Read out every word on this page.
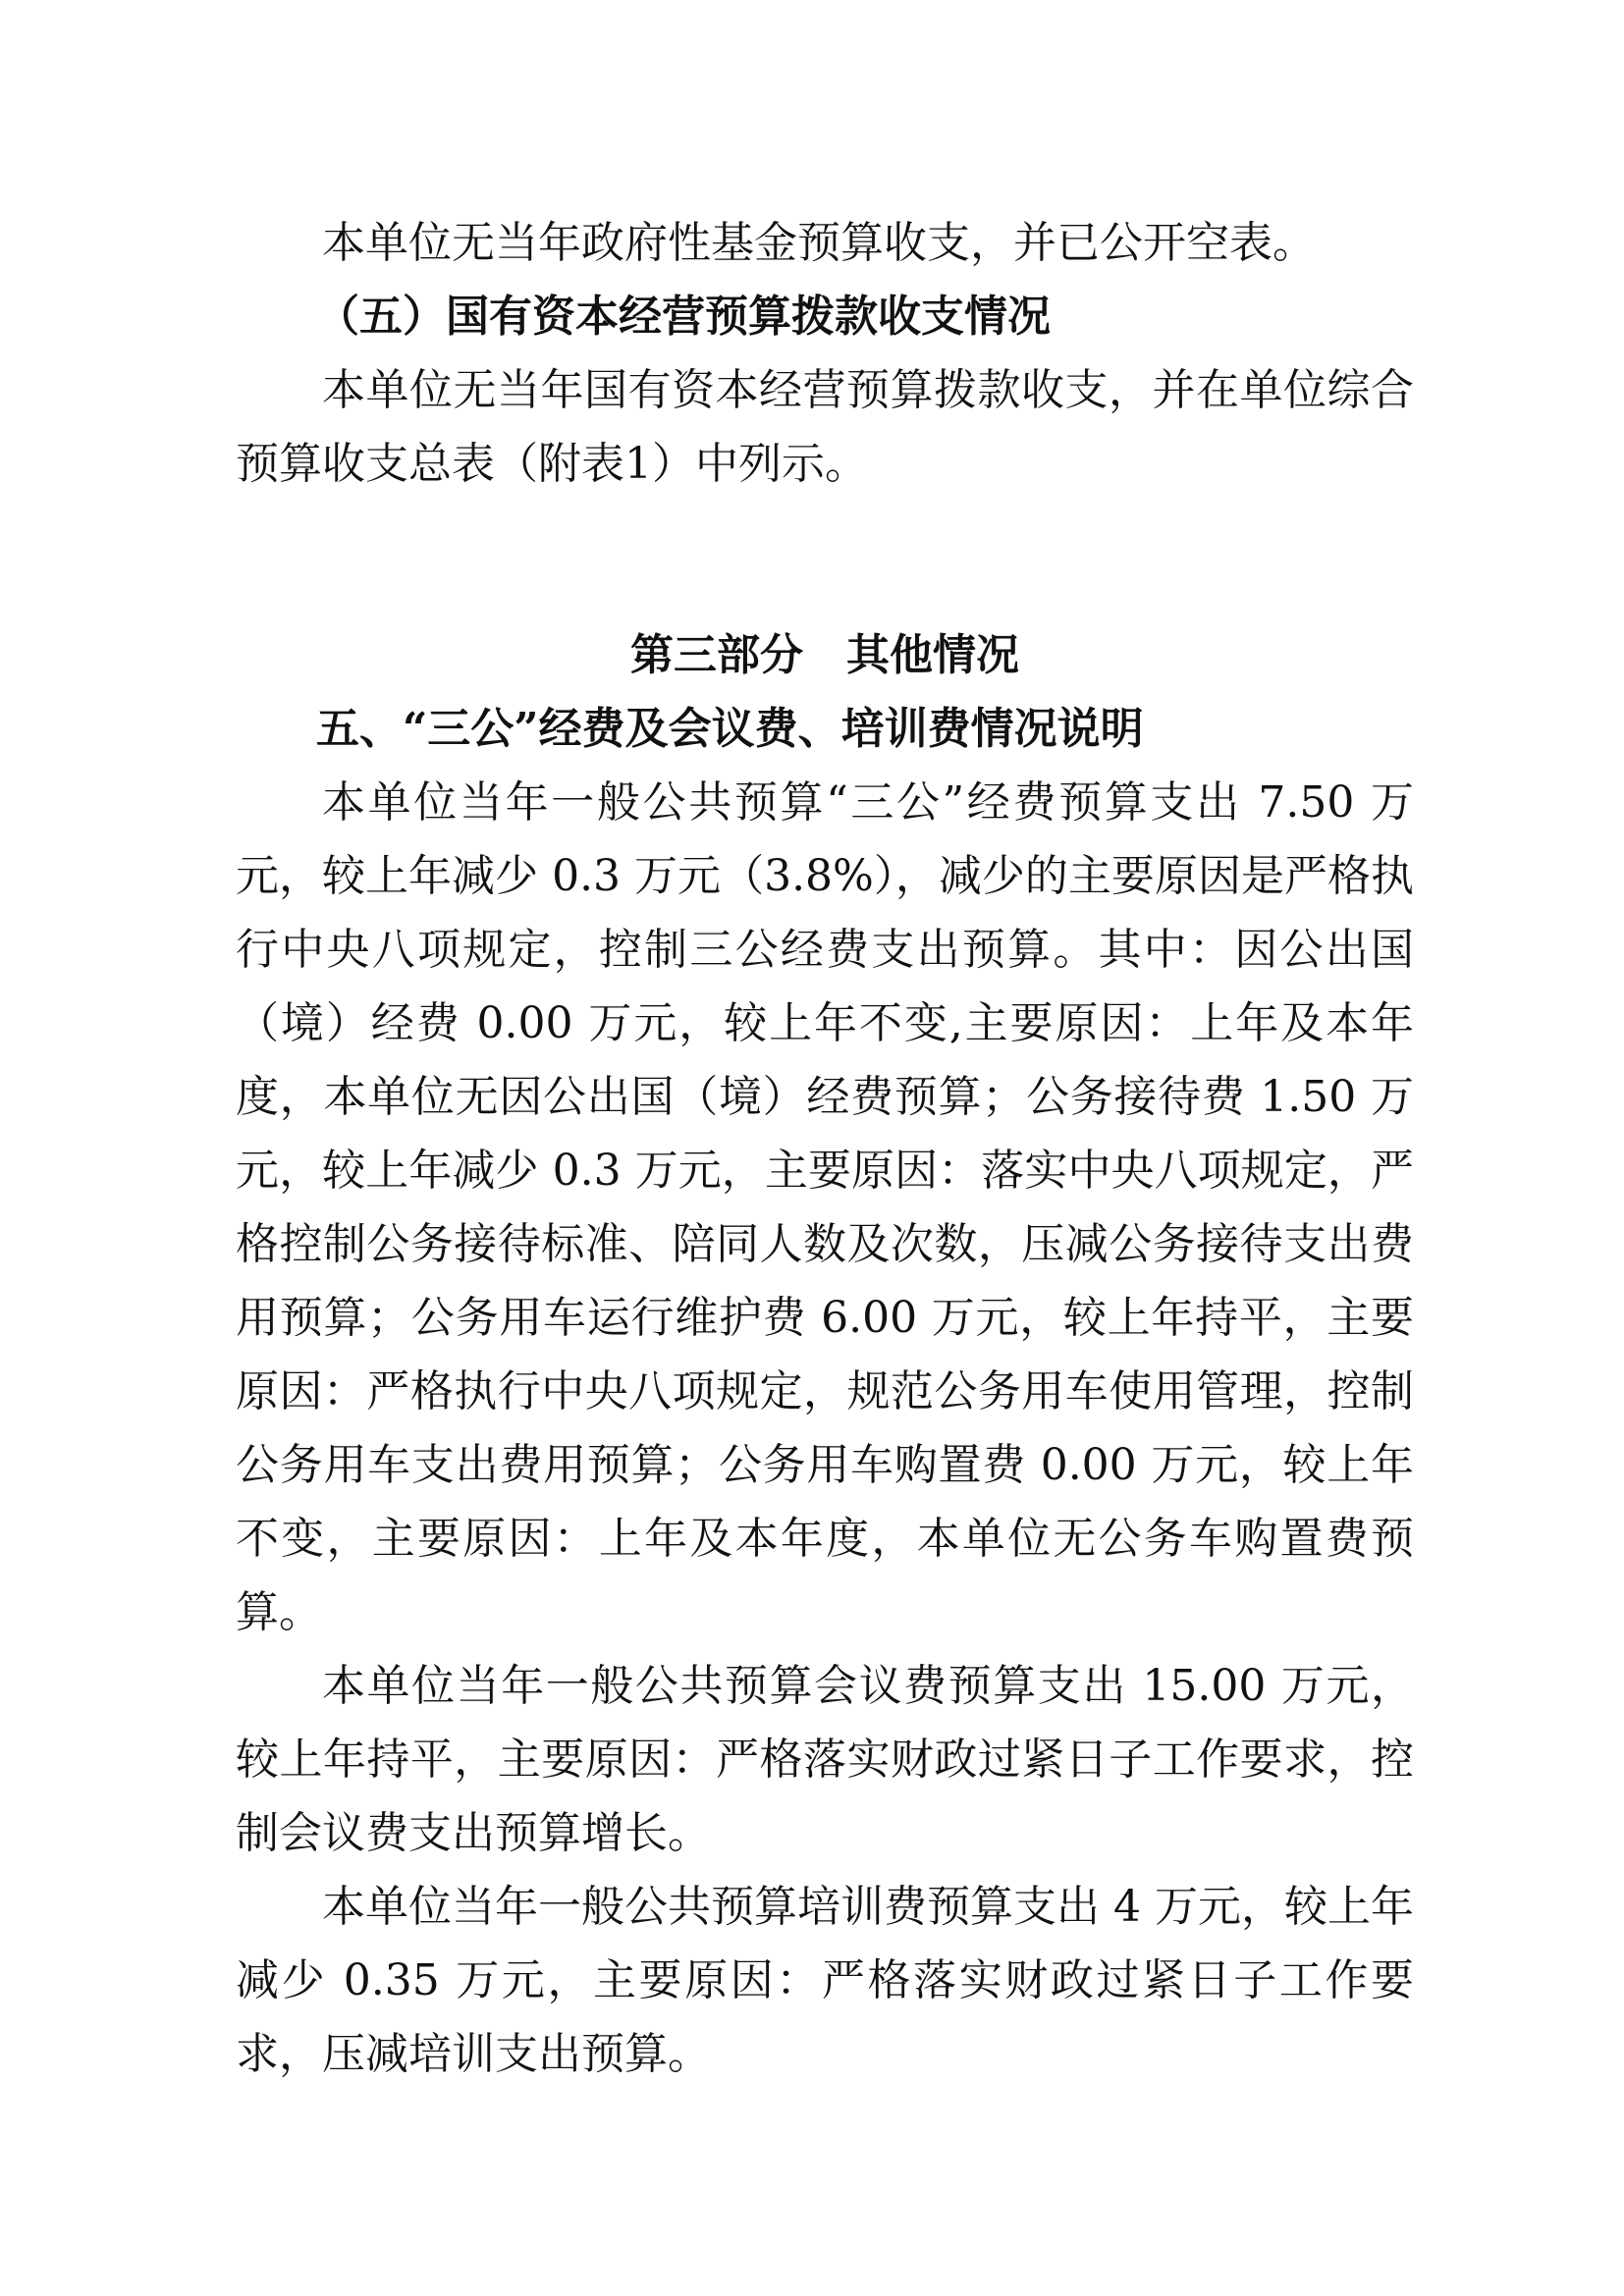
本单位无当年政府性基金预算收支，并已公开空表。

（五）国有资本经营预算拨款收支情况

本单位无当年国有资本经营预算拨款收支，并在单位综合预算收支总表（附表1）中列示。

第三部分　其他情况

五、“三公”经费及会议费、培训费情况说明

本单位当年一般公共预算“三公”经费预算支出 7.50 万元，较上年减少 0.3 万元（3.8%），减少的主要原因是严格执行中央八项规定，控制三公经费支出预算。其中：因公出国（境）经费 0.00 万元，较上年不变,主要原因：上年及本年度，本单位无因公出国（境）经费预算；公务接待费 1.50 万元，较上年减少 0.3 万元，主要原因：落实中央八项规定，严格控制公务接待标准、陪同人数及次数，压减公务接待支出费用预算；公务用车运行维护费 6.00 万元，较上年持平，主要原因：严格执行中央八项规定，规范公务用车使用管理，控制公务用车支出费用预算；公务用车购置费 0.00 万元，较上年不变，主要原因：上年及本年度，本单位无公务车购置费预算。

本单位当年一般公共预算会议费预算支出 15.00 万元，较上年持平，主要原因：严格落实财政过紧日子工作要求，控制会议费支出预算增长。

本单位当年一般公共预算培训费预算支出 4 万元，较上年减少 0.35 万元，主要原因：严格落实财政过紧日子工作要求，压减培训支出预算。
